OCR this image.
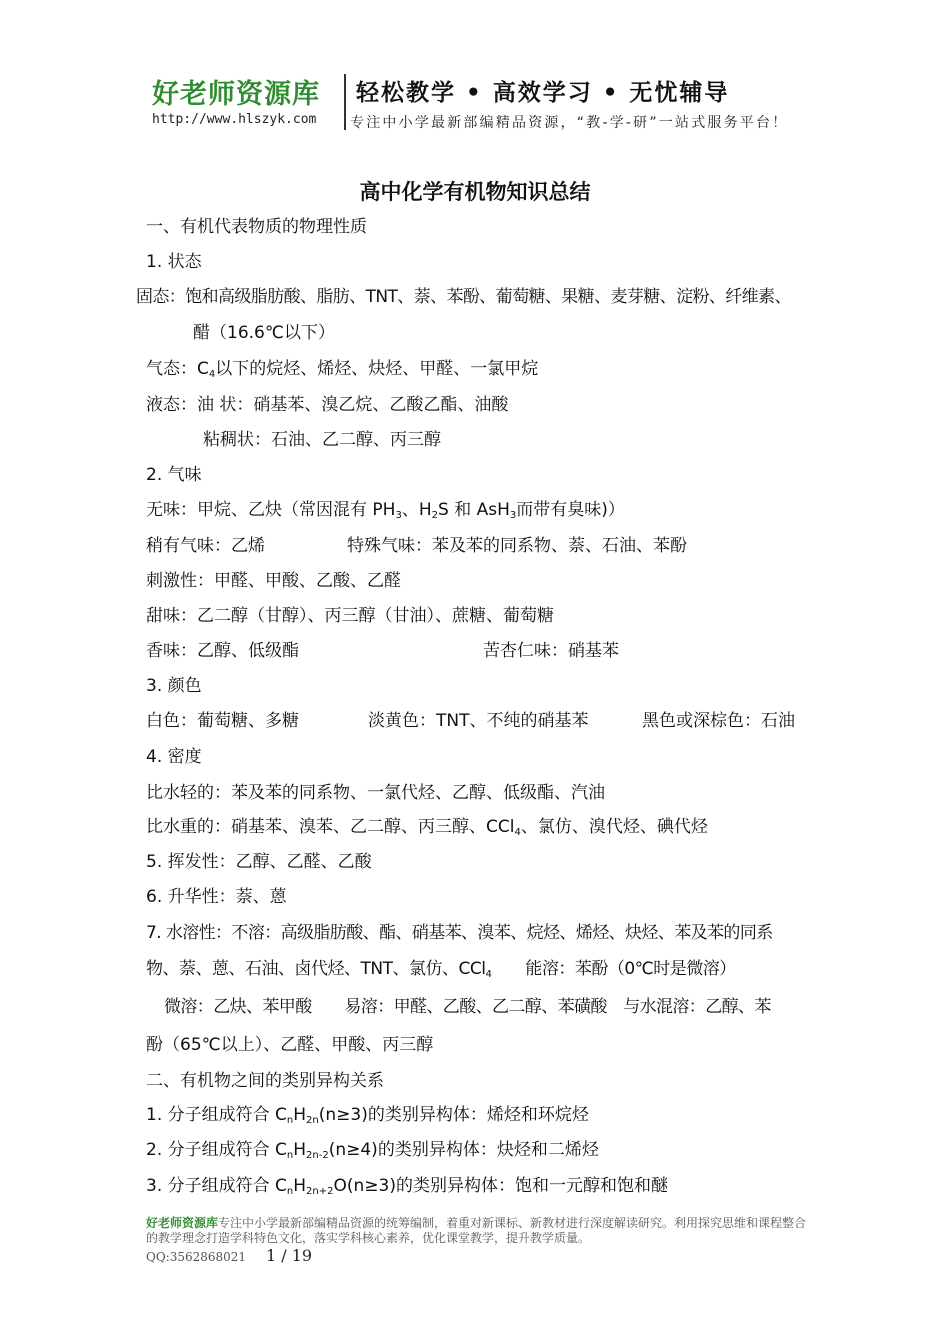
好老师资源库
http://www.hlszyk.com
轻松教学 • 高效学习 • 无忧辅导
专注中小学最新部编精品资源，“教-学-研”一站式服务平台！
高中化学有机物知识总结
一、有机代表物质的物理性质
1. 状态
固态：饱和高级脂肪酸、脂肪、TNT、萘、苯酚、葡萄糖、果糖、麦芽糖、淀粉、纤维素、
醋（16.6℃以下）
气态：$C_4$以下的烷烃、烯烃、炔烃、甲醛、一氯甲烷
液态：油 状：硝基苯、溴乙烷、乙酸乙酯、油酸
粘稠状：石油、乙二醇、丙三醇
2. 气味
无味：甲烷、乙炔（常因混有 $PH_3$、$H_2S$ 和 AsH$_3$而带有臭味)）
稍有气味：乙烯	特殊气味：苯及苯的同系物、萘、石油、苯酚
刺激性：甲醛、甲酸、乙酸、乙醛
甜味：乙二醇（甘醇）、丙三醇（甘油）、蔗糖、葡萄糖
香味：乙醇、低级酯	苦杏仁味：硝基苯
3. 颜色
白色：葡萄糖、多糖	淡黄色：TNT、不纯的硝基苯	黑色或深棕色：石油
4. 密度
比水轻的：苯及苯的同系物、一氯代烃、乙醇、低级酯、汽油
比水重的：硝基苯、溴苯、乙二醇、丙三醇、CCl$_4$、氯仿、溴代烃、碘代烃
5. 挥发性：乙醇、乙醛、乙酸
6. 升华性：萘、蒽
7. 水溶性：不溶：高级脂肪酸、酯、硝基苯、溴苯、烷烃、烯烃、炔烃、苯及苯的同系
物、萘、蒽、石油、卤代烃、TNT、氯仿、CCl$_4$ 能溶：苯酚（0℃时是微溶）
微溶：乙炔、苯甲酸　　易溶：甲醛、乙酸、乙二醇、苯磺酸　与水混溶：乙醇、苯
酚（65℃以上）、乙醛、甲酸、丙三醇
二、有机物之间的类别异构关系
1. 分子组成符合 $C_nH_{2n}(n\ge 3)$的类别异构体：烯烃和环烷烃
2. 分子组成符合 $C_nH_{2n-2}(n\ge 4)$的类别异构体：炔烃和二烯烃
3. 分子组成符合 $C_nH_{2n+2}O(n\ge 3)$的类别异构体：饱和一元醇和饱和醚
好老师资源库专注中小学最新部编精品资源的统筹编制，着重对新课标、新教材进行深度解读研究。利用探究思维和课程整合的教学理念打造学科特色文化，落实学科核心素养，优化课堂教学，提升教学质量。
QQ:3562868021 1 / 19
